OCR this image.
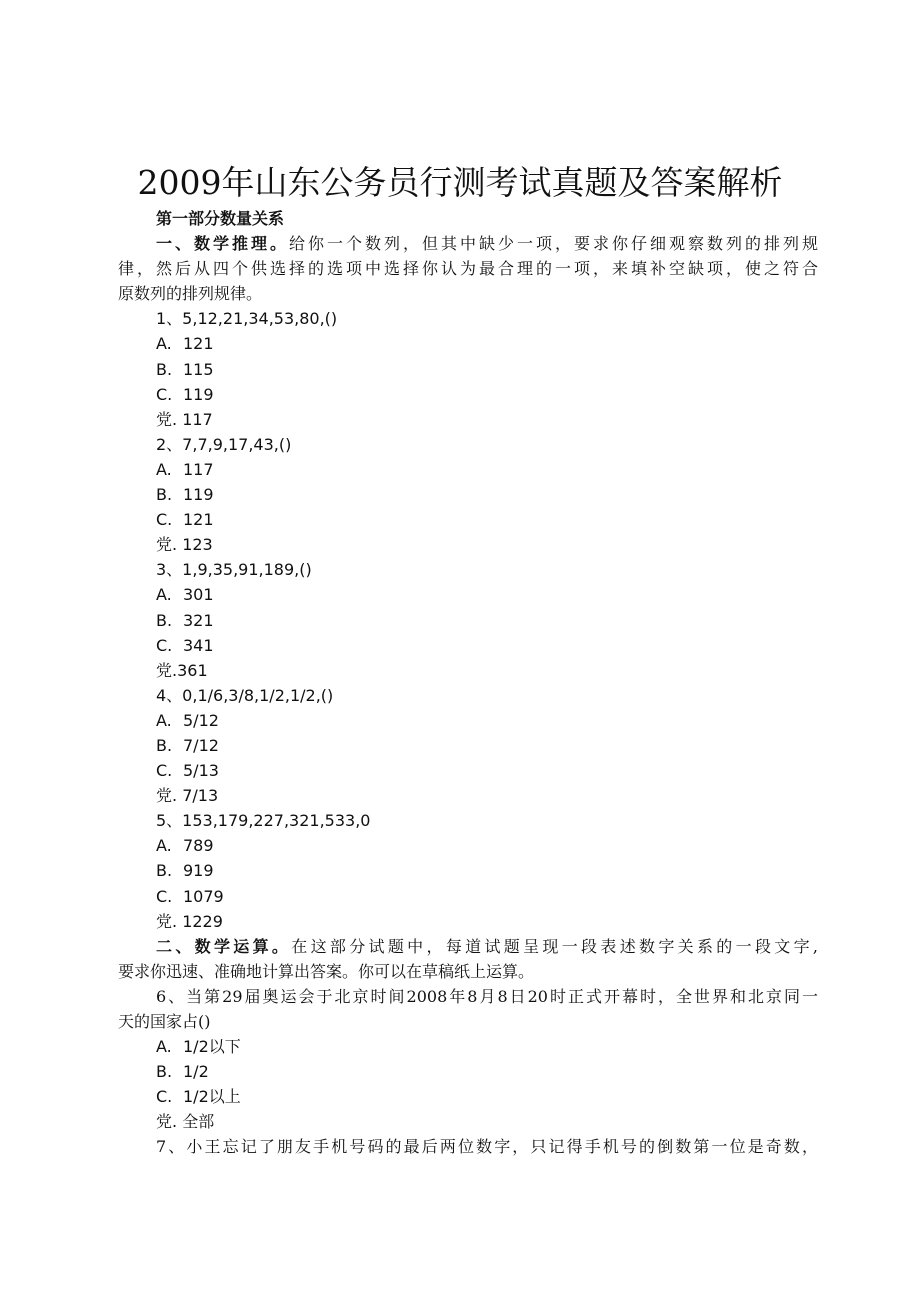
2009年山东公务员行测考试真题及答案解析
第一部分数量关系
一、数学推理。给你一个数列，但其中缺少一项，要求你仔细观察数列的排列规
律，然后从四个供选择的选项中选择你认为最合理的一项，来填补空缺项，使之符合
原数列的排列规律。
1、5,12,21,34,53,80,()
A. 121
B. 115
C. 119
党. 117
2、7,7,9,17,43,()
A. 117
B. 119
C. 121
党. 123
3、1,9,35,91,189,()
A. 301
B. 321
C. 341
党.361
4、0,1/6,3/8,1/2,1/2,()
A. 5/12
B. 7/12
C. 5/13
党. 7/13
5、153,179,227,321,533,0
A. 789
B. 919
C. 1079
党. 1229
二、数学运算。在这部分试题中，每道试题呈现一段表述数字关系的一段文字,
要求你迅速、准确地计算出答案。你可以在草稿纸上运算。
6、当第29届奥运会于北京时间2008年8月8日20时正式开幕时，全世界和北京同一
天的国家占()
A. 1/2以下
B. 1/2
C. 1/2以上
党. 全部
7、小王忘记了朋友手机号码的最后两位数字，只记得手机号的倒数第一位是奇数，
